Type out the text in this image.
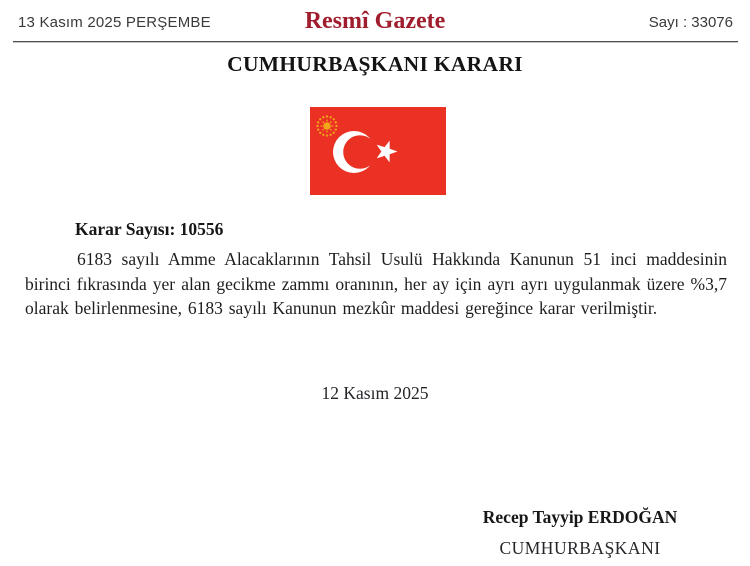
13 Kasım 2025 PERŞEMBE	Resmî Gazete	Sayı : 33076
CUMHURBAŞKANI KARARI
Karar Sayısı: 10556

6183 sayılı Amme Alacaklarının Tahsil Usulü Hakkında Kanunun 51 inci maddesinin birinci fıkrasında yer alan gecikme zammı oranının, her ay için ayrı ayrı uygulanmak üzere %3,7 olarak belirlenmesine, 6183 sayılı Kanunun mezkûr maddesi gereğince karar verilmiştir.

12 Kasım 2025
Recep Tayyip ERDOĞAN
CUMHURBAŞKANI
